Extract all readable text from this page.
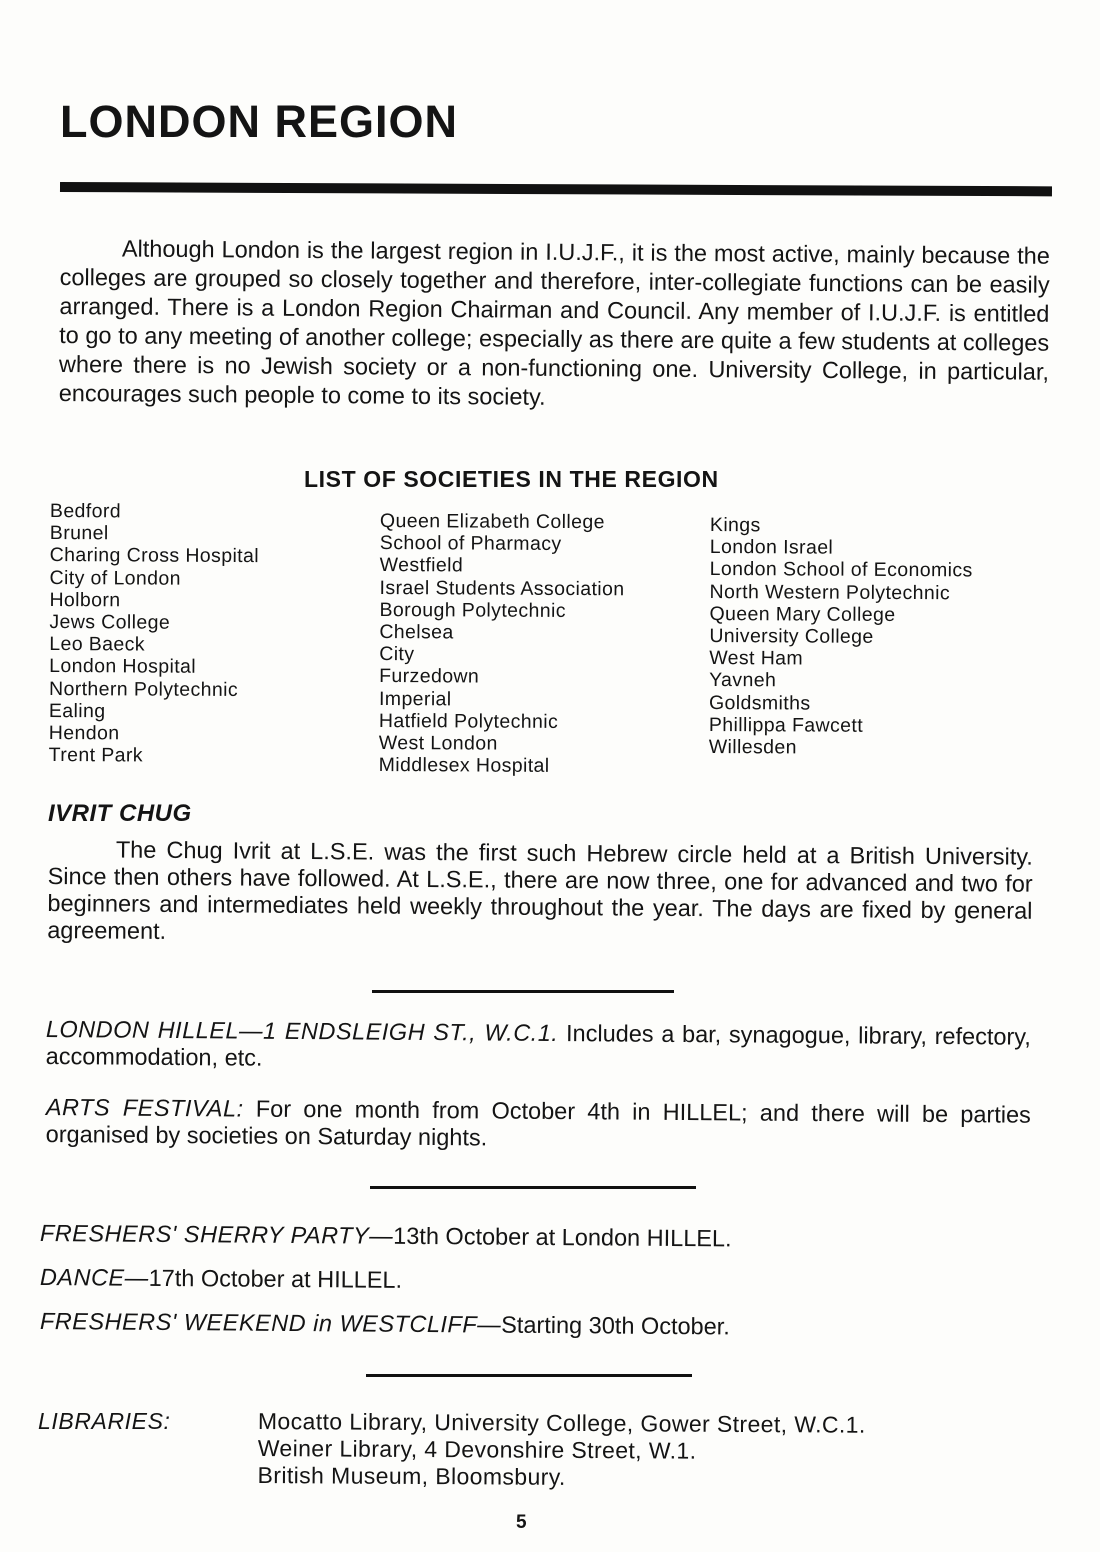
LONDON REGION

Although London is the largest region in I.U.J.F., it is the most active, mainly because the colleges are grouped so closely together and therefore, inter-collegiate functions can be easily arranged. There is a London Region Chairman and Council. Any member of I.U.J.F. is entitled to go to any meeting of another college; especially as there are quite a few students at colleges where there is no Jewish society or a non-functioning one. University College, in particular, encourages such people to come to its society.

LIST OF SOCIETIES IN THE REGION
Bedford
Brunel
Charing Cross Hospital
City of London
Holborn
Jews College
Leo Baeck
London Hospital
Northern Polytechnic
Ealing
Hendon
Trent Park
Queen Elizabeth College
School of Pharmacy
Westfield
Israel Students Association
Borough Polytechnic
Chelsea
City
Furzedown
Imperial
Hatfield Polytechnic
West London
Middlesex Hospital
Kings
London Israel
London School of Economics
North Western Polytechnic
Queen Mary College
University College
West Ham
Yavneh
Goldsmiths
Phillippa Fawcett
Willesden
IVRIT CHUG

The Chug Ivrit at L.S.E. was the first such Hebrew circle held at a British University. Since then others have followed. At L.S.E., there are now three, one for advanced and two for beginners and intermediates held weekly throughout the year. The days are fixed by general agreement.

LONDON HILLEL—1 ENDSLEIGH ST., W.C.1. Includes a bar, synagogue, library, refectory, accommodation, etc.

ARTS FESTIVAL: For one month from October 4th in HILLEL; and there will be parties organised by societies on Saturday nights.

FRESHERS' SHERRY PARTY—13th October at London HILLEL.

DANCE—17th October at HILLEL.

FRESHERS' WEEKEND in WESTCLIFF—Starting 30th October.

LIBRARIES:	Mocatto Library, University College, Gower Street, W.C.1.
Weiner Library, 4 Devonshire Street, W.1.
British Museum, Bloomsbury.

5
